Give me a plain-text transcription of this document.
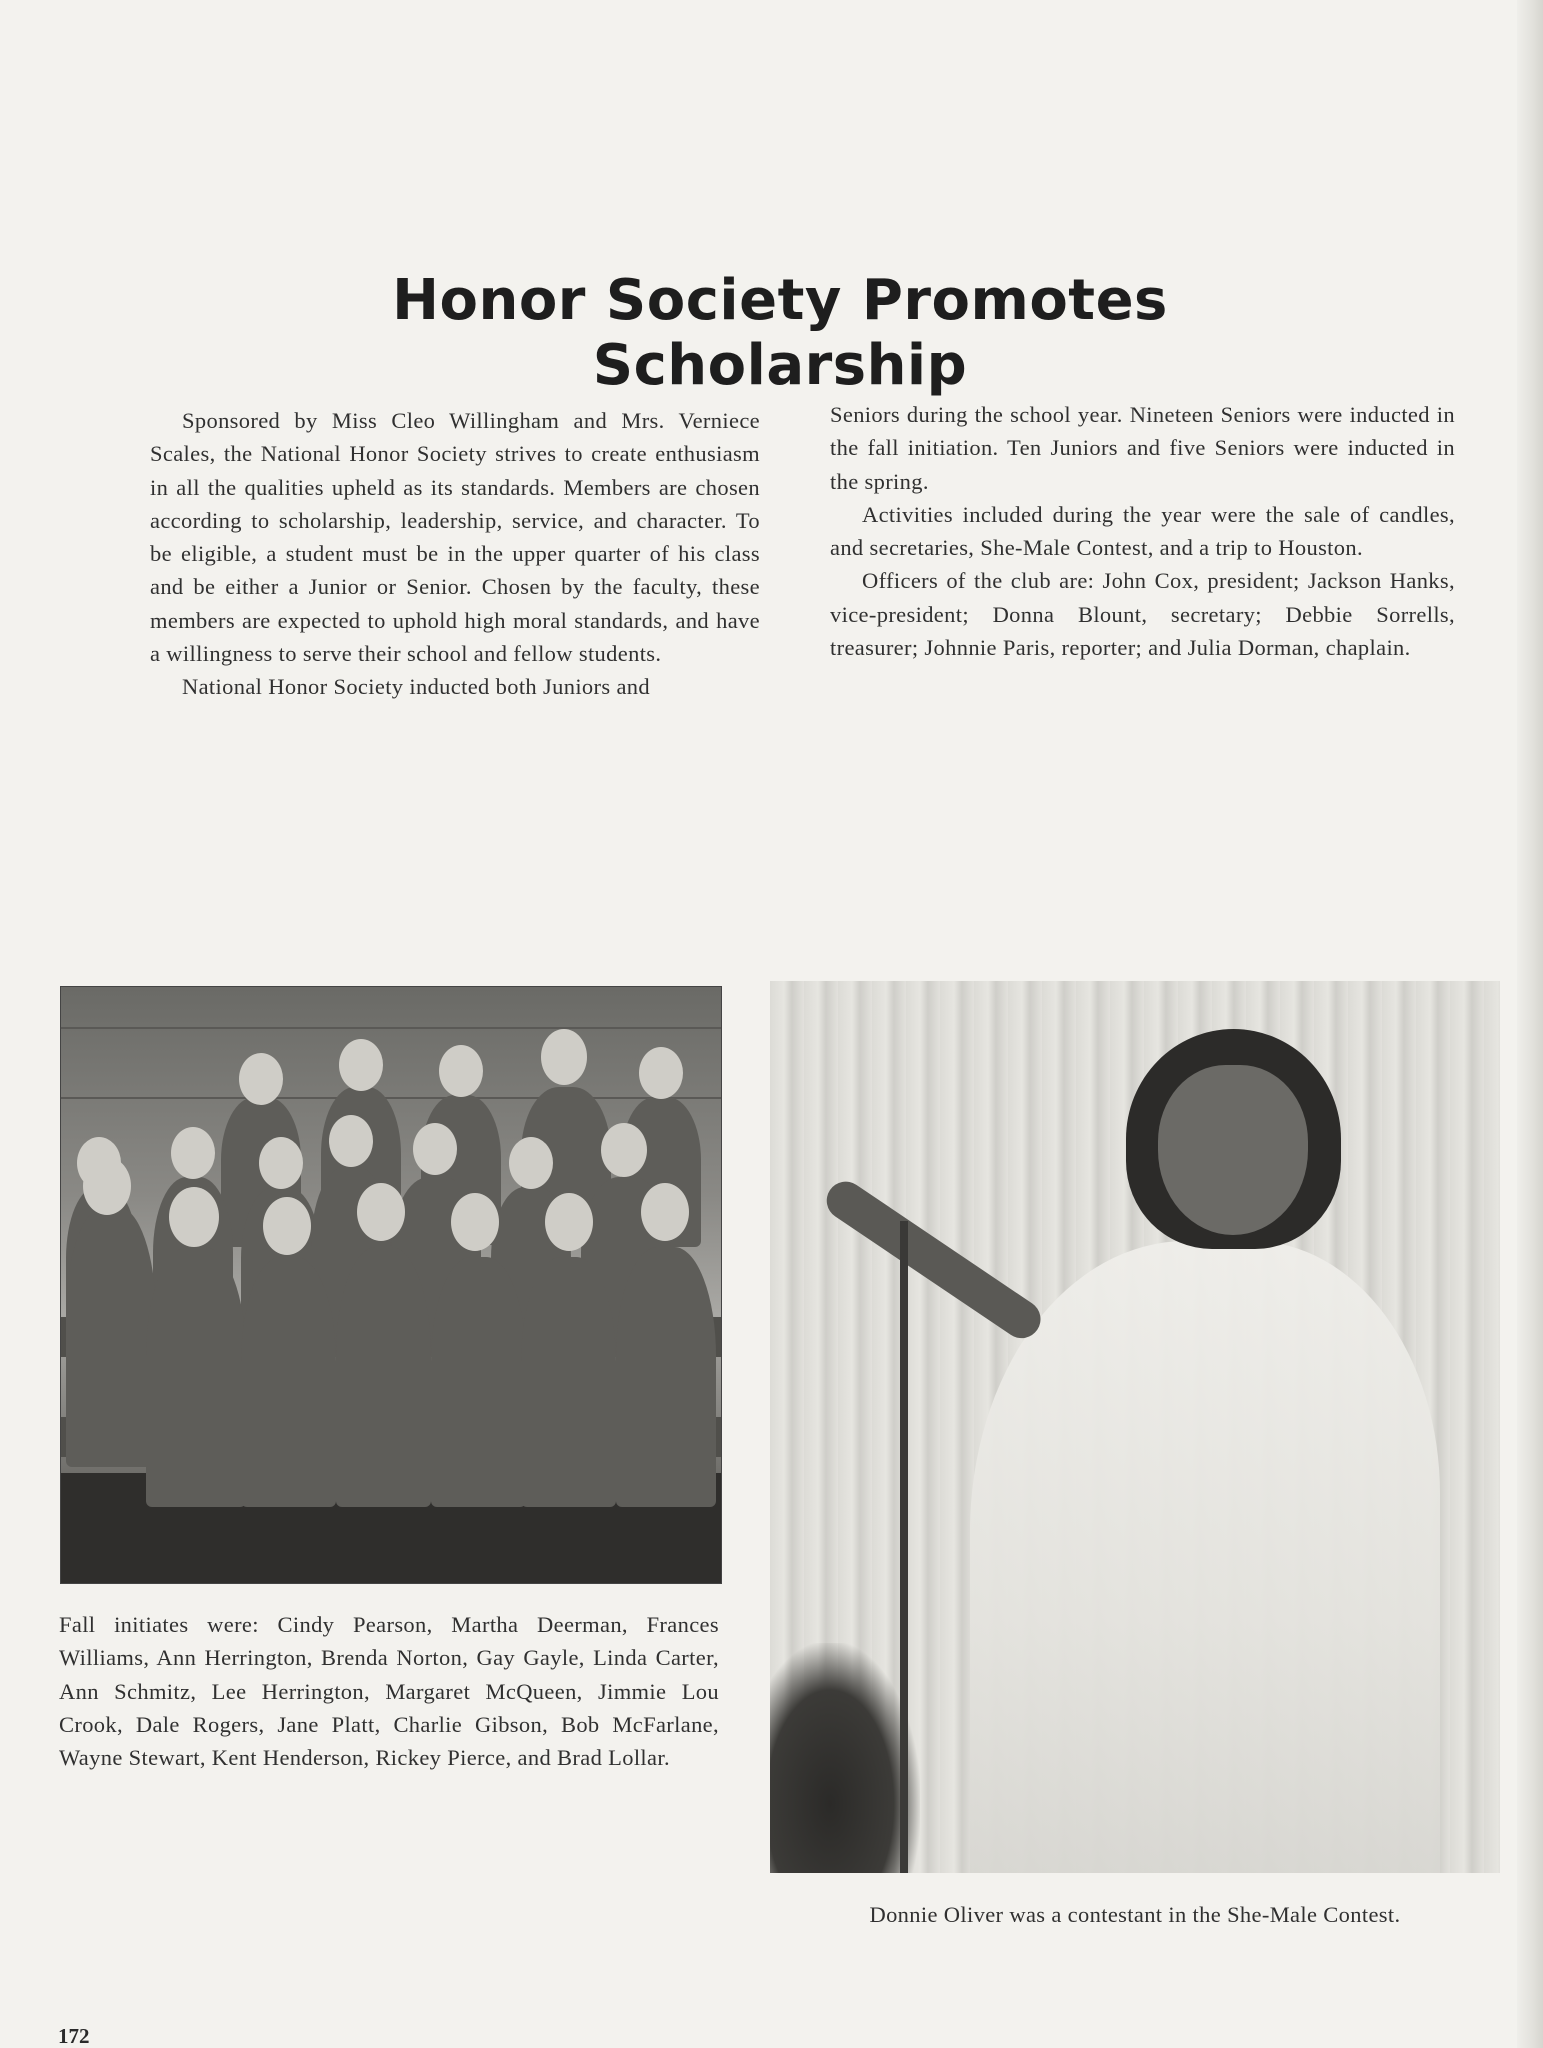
Honor Society Promotes Scholarship

Sponsored by Miss Cleo Willingham and Mrs. Verniece Scales, the National Honor Society strives to create enthusiasm in all the qualities upheld as its standards. Members are chosen according to scholarship, leadership, service, and character. To be eligible, a student must be in the upper quarter of his class and be either a Junior or Senior. Chosen by the faculty, these members are expected to uphold high moral standards, and have a willingness to serve their school and fellow students.

National Honor Society inducted both Juniors and

Seniors during the school year. Nineteen Seniors were inducted in the fall initiation. Ten Juniors and five Seniors were inducted in the spring.

Activities included during the year were the sale of candles, and secretaries, She-Male Contest, and a trip to Houston.

Officers of the club are: John Cox, president; Jackson Hanks, vice-president; Donna Blount, secretary; Debbie Sorrells, treasurer; Johnnie Paris, reporter; and Julia Dorman, chaplain.

Fall initiates were: Cindy Pearson, Martha Deerman, Frances Williams, Ann Herrington, Brenda Norton, Gay Gayle, Linda Carter, Ann Schmitz, Lee Herrington, Margaret McQueen, Jimmie Lou Crook, Dale Rogers, Jane Platt, Charlie Gibson, Bob McFarlane, Wayne Stewart, Kent Henderson, Rickey Pierce, and Brad Lollar.

Donnie Oliver was a contestant in the She-Male Contest.

172
